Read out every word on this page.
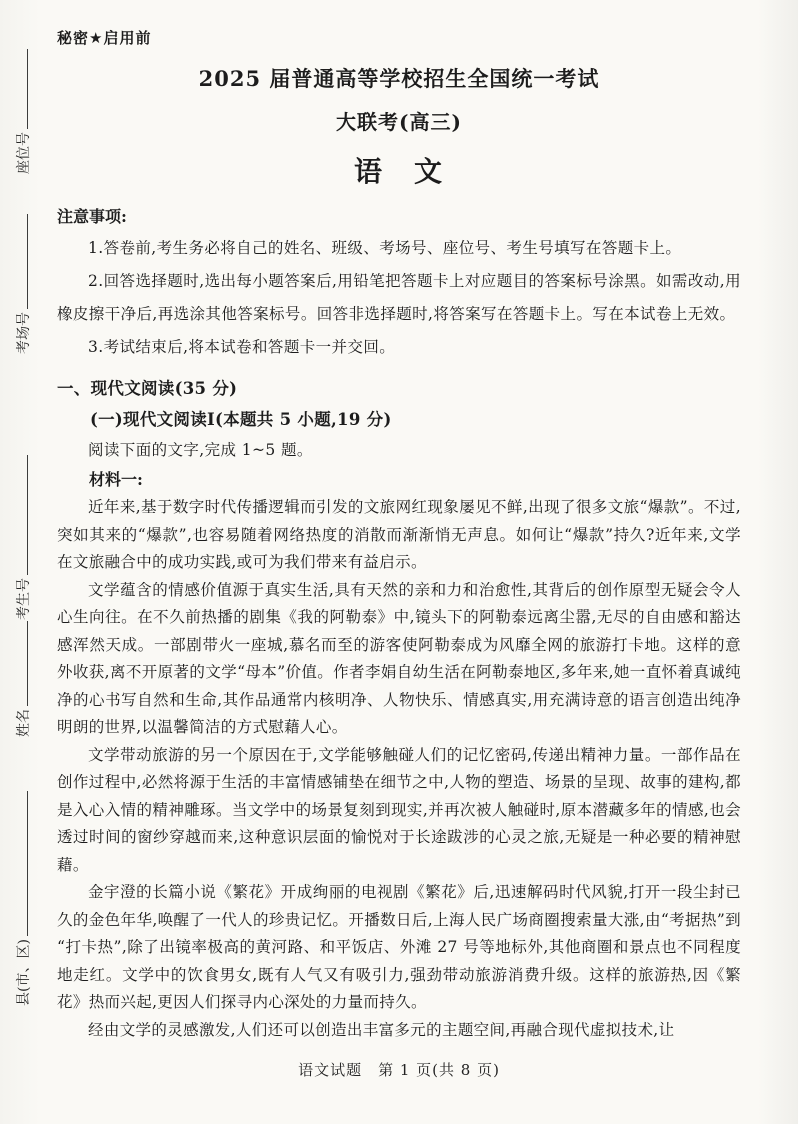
座位号
考场号
考生号
姓名
县(市、区)
秘密★启用前
2025 届普通高等学校招生全国统一考试
大联考(高三)
语　文

注意事项:

1.答卷前,考生务必将自己的姓名、班级、考场号、座位号、考生号填写在答题卡上。

2.回答选择题时,选出每小题答案后,用铅笔把答题卡上对应题目的答案标号涂黑。如需改动,用橡皮擦干净后,再选涂其他答案标号。回答非选择题时,将答案写在答题卡上。写在本试卷上无效。

3.考试结束后,将本试卷和答题卡一并交回。

一、现代文阅读(35 分)

(一)现代文阅读Ⅰ(本题共 5 小题,19 分)

阅读下面的文字,完成 1~5 题。

材料一:

近年来,基于数字时代传播逻辑而引发的文旅网红现象屡见不鲜,出现了很多文旅“爆款”。不过,突如其来的“爆款”,也容易随着网络热度的消散而渐渐悄无声息。如何让“爆款”持久?近年来,文学在文旅融合中的成功实践,或可为我们带来有益启示。

文学蕴含的情感价值源于真实生活,具有天然的亲和力和治愈性,其背后的创作原型无疑会令人心生向往。在不久前热播的剧集《我的阿勒泰》中,镜头下的阿勒泰远离尘嚣,无尽的自由感和豁达感浑然天成。一部剧带火一座城,慕名而至的游客使阿勒泰成为风靡全网的旅游打卡地。这样的意外收获,离不开原著的文学“母本”价值。作者李娟自幼生活在阿勒泰地区,多年来,她一直怀着真诚纯净的心书写自然和生命,其作品通常内核明净、人物快乐、情感真实,用充满诗意的语言创造出纯净明朗的世界,以温馨简洁的方式慰藉人心。

文学带动旅游的另一个原因在于,文学能够触碰人们的记忆密码,传递出精神力量。一部作品在创作过程中,必然将源于生活的丰富情感铺垫在细节之中,人物的塑造、场景的呈现、故事的建构,都是入心入情的精神雕琢。当文学中的场景复刻到现实,并再次被人触碰时,原本潜藏多年的情感,也会透过时间的窗纱穿越而来,这种意识层面的愉悦对于长途跋涉的心灵之旅,无疑是一种必要的精神慰藉。

金宇澄的长篇小说《繁花》开成绚丽的电视剧《繁花》后,迅速解码时代风貌,打开一段尘封已久的金色年华,唤醒了一代人的珍贵记忆。开播数日后,上海人民广场商圈搜索量大涨,由“考据热”到“打卡热”,除了出镜率极高的黄河路、和平饭店、外滩 27 号等地标外,其他商圈和景点也不同程度地走红。文学中的饮食男女,既有人气又有吸引力,强劲带动旅游消费升级。这样的旅游热,因《繁花》热而兴起,更因人们探寻内心深处的力量而持久。

经由文学的灵感激发,人们还可以创造出丰富多元的主题空间,再融合现代虚拟技术,让

语文试题　第 1 页(共 8 页)
